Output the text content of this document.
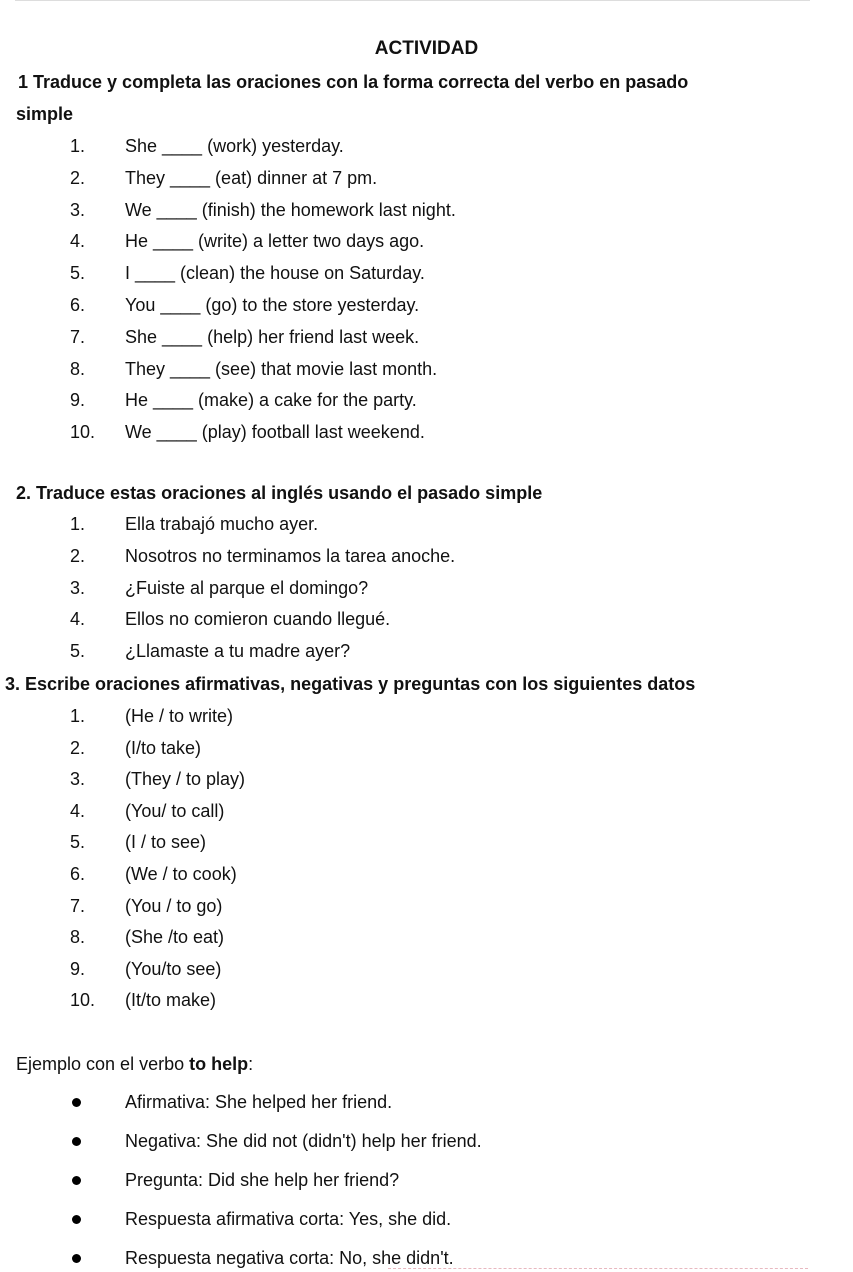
ACTIVIDAD
1 Traduce y completa las oraciones con la forma correcta del verbo en pasado
simple
1. She ____ (work) yesterday.
2. They ____ (eat) dinner at 7 pm.
3. We ____ (finish) the homework last night.
4. He ____ (write) a letter two days ago.
5. I ____ (clean) the house on Saturday.
6. You ____ (go) to the store yesterday.
7. She ____ (help) her friend last week.
8. They ____ (see) that movie last month.
9. He ____ (make) a cake for the party.
10. We ____ (play) football last weekend.
2. Traduce estas oraciones al inglés usando el pasado simple
1. Ella trabajó mucho ayer.
2. Nosotros no terminamos la tarea anoche.
3. ¿Fuiste al parque el domingo?
4. Ellos no comieron cuando llegué.
5. ¿Llamaste a tu madre ayer?
3. Escribe oraciones afirmativas, negativas y preguntas con los siguientes datos
1. (He / to write)
2. (I/to take)
3. (They / to play)
4. (You/ to call)
5. (I / to see)
6. (We / to cook)
7. (You / to go)
8. (She /to eat)
9. (You/to see)
10. (It/to make)
Ejemplo con el verbo to help:
Afirmativa: She helped her friend.
Negativa: She did not (didn't) help her friend.
Pregunta: Did she help her friend?
Respuesta afirmativa corta: Yes, she did.
Respuesta negativa corta: No, she didn't.
